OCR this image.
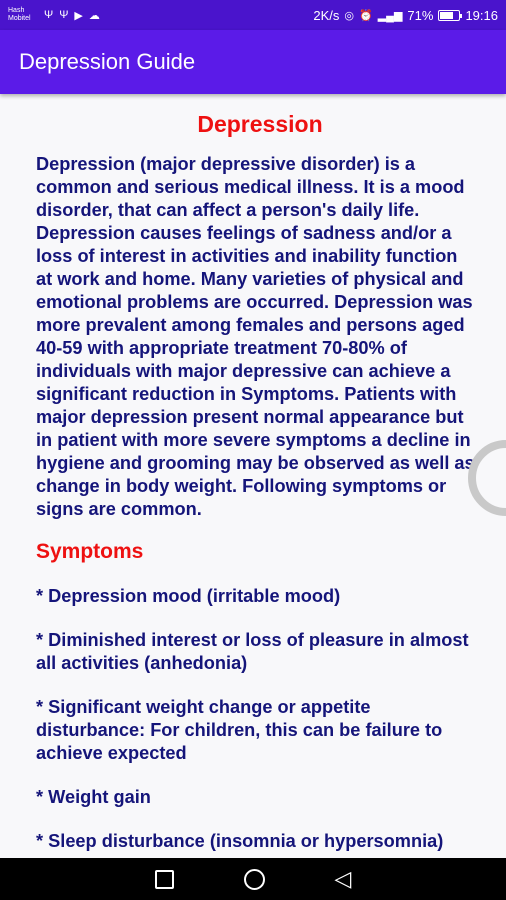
Hash Mobitel	Ψ Ψ ▶ ☁	2K/s ◎ ⏰ ▂▄▆ 71% 19:16
Depression Guide
Depression
Depression (major depressive disorder) is a common and serious medical illness. It is a mood disorder, that can affect a person's daily life. Depression causes feelings of sadness and/or a loss of interest in activities and inability function at work and home. Many varieties of physical and emotional problems are occurred. Depression was more prevalent among females and persons aged 40-59 with appropriate treatment 70-80% of individuals with major depressive can achieve a significant reduction in Symptoms. Patients with major depression present normal appearance but in patient with more severe symptoms a decline in hygiene and grooming may be observed as well as change in body weight. Following symptoms or signs are common.
Symptoms
* Depression mood (irritable mood)
* Diminished interest or loss of pleasure in almost all activities (anhedonia)
* Significant weight change or appetite disturbance: For children, this can be failure to achieve expected
* Weight gain
* Sleep disturbance (insomnia or hypersomnia)
◁
